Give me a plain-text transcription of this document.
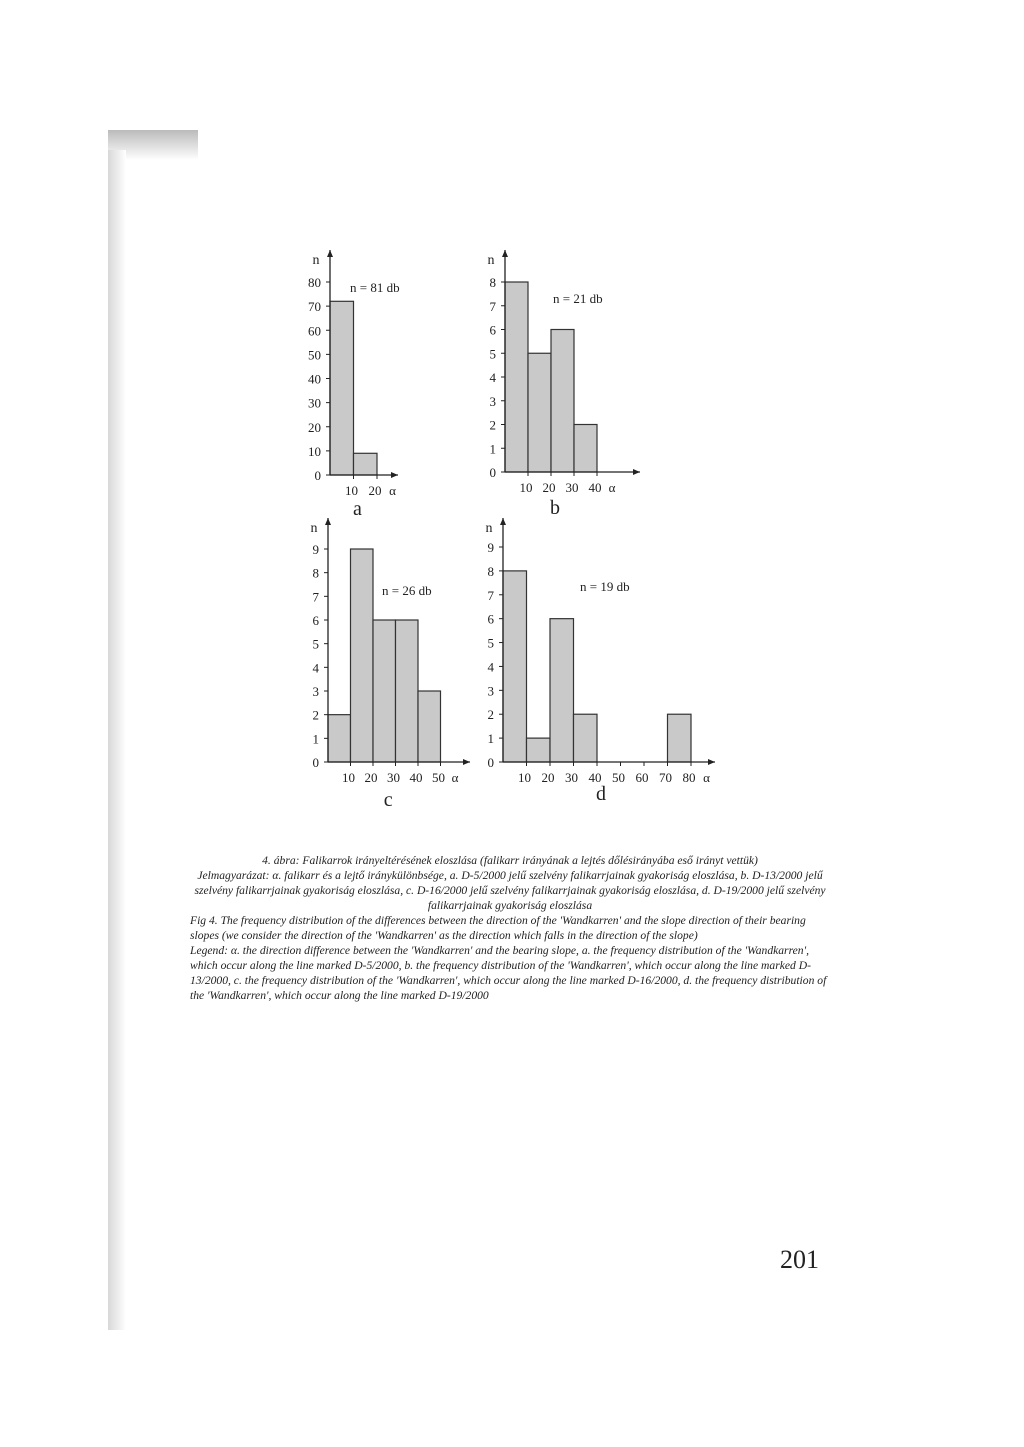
0
10
20
30
40
50
60
70
80
n
10 20 α
n = 81 db
a
0
1
2
3
4
5
6
7
8
n
10 20 30 40 α
n = 21 db
b
0
1
2
3
4
5
6
7
8
9
n
10 20 30 40 50 α
n = 26 db
c
0
1
2
3
4
5
6
7
8
9
n
10 20 30 40 50 60 70 80 α
n = 19 db
d

4. ábra: Falikarrok irányeltérésének eloszlása (falikarr irányának a lejtés dőlésirányába eső irányt vettük)

Jelmagyarázat: α. falikarr és a lejtő iránykülönbsége, a. D-5/2000 jelű szelvény falikarrjainak gyakoriság eloszlása, b. D-13/2000 jelű szelvény falikarrjainak gyakoriság eloszlása, c. D-16/2000 jelű szelvény falikarrjainak gyakoriság eloszlása, d. D-19/2000 jelű szelvény falikarrjainak gyakoriság eloszlása

Fig 4. The frequency distribution of the differences between the direction of the 'Wandkarren' and the slope direction of their bearing slopes (we consider the direction of the 'Wandkarren' as the direction which falls in the direction of the slope)

Legend: α. the direction difference between the 'Wandkarren' and the bearing slope, a. the frequency distribution of the 'Wandkarren', which occur along the line marked D-5/2000, b. the frequency distribution of the 'Wandkarren', which occur along the line marked D-13/2000, c. the frequency distribution of the 'Wandkarren', which occur along the line marked D-16/2000, d. the frequency distribution of the 'Wandkarren', which occur along the line marked D-19/2000

201
